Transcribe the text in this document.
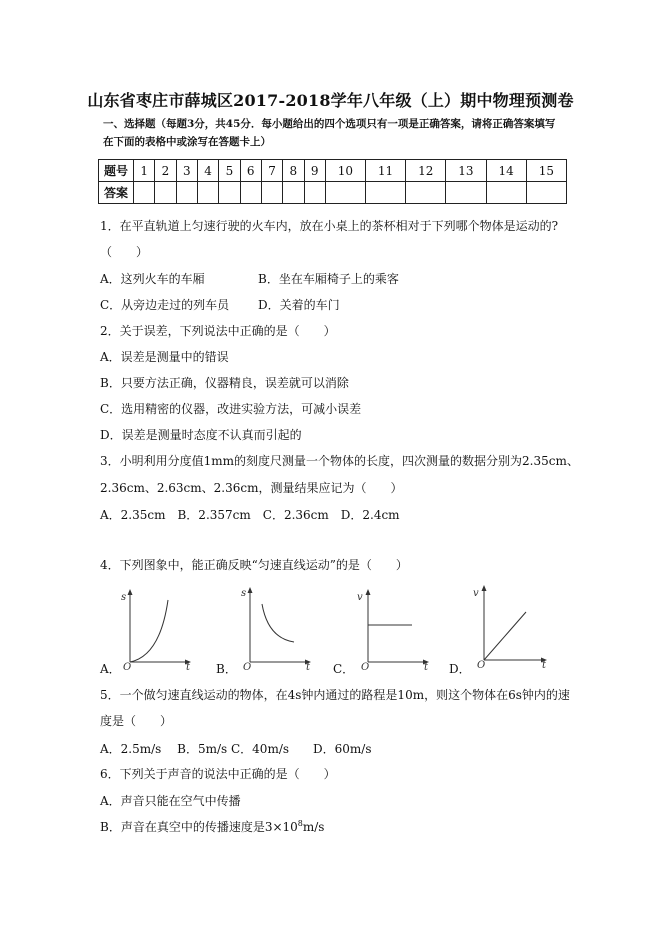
山东省枣庄市薛城区2017-2018学年八年级（上）期中物理预测卷
一、选择题（每题3分，共45分．每小题给出的四个选项只有一项是正确答案，请将正确答案填写
在下面的表格中或涂写在答题卡上）
题号	1	2	3	4	5	6	7	8	9	10	11	12	13	14	15
答案															
1．在平直轨道上匀速行驶的火车内，放在小桌上的茶杯相对于下列哪个物体是运动的?
（　　）
A．这列火车的车厢	B．坐在车厢椅子上的乘客
C．从旁边走过的列车员 D．关着的车门
2．关于误差，下列说法中正确的是（　　）
A．误差是测量中的错误
B．只要方法正确，仪器精良，误差就可以消除
C．选用精密的仪器，改进实验方法，可减小误差
D．误差是测量时态度不认真而引起的
3．小明利用分度值1mm的刻度尺测量一个物体的长度，四次测量的数据分别为2.35cm、
2.36cm、2.63cm、2.36cm，测量结果应记为（　　）
A．2.35cm　B．2.357cm　C．2.36cm　D．2.4cm
4．下列图象中，能正确反映“匀速直线运动”的是（　　）
A．
s
O	t B．
s
O	t C．
v
O	t D．
v
O	t
5．一个做匀速直线运动的物体，在4s钟内通过的路程是10m，则这个物体在6s钟内的速
度是（　　）
A．2.5m/s　 B．5m/s C．40m/s　　D．60m/s
6．下列关于声音的说法中正确的是（　　）
A．声音只能在空气中传播
B．声音在真空中的传播速度是$3\times 10^8m/s$
